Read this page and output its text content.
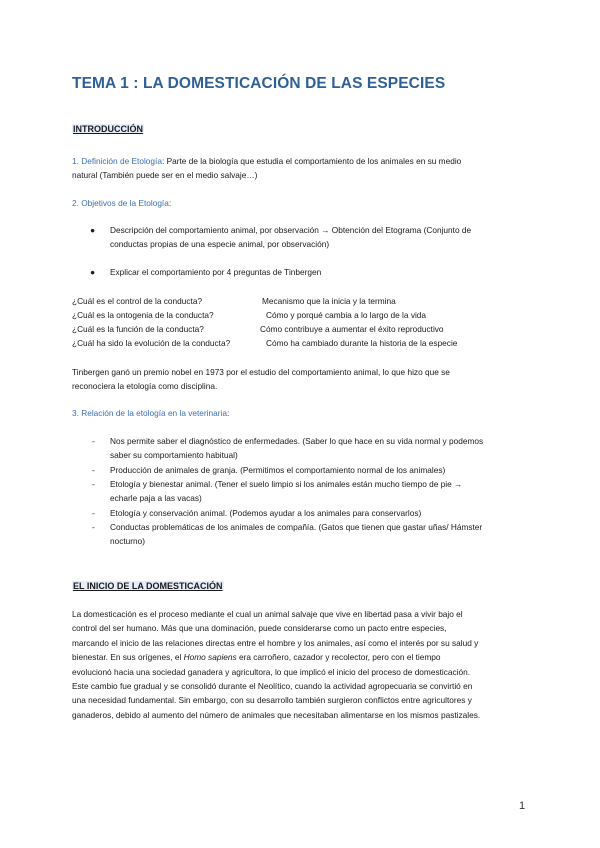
TEMA 1 : LA DOMESTICACIÓN DE LAS ESPECIES
INTRODUCCIÓN
1. Definición de Etología: Parte de la biología que estudia el comportamiento de los animales en su medio
natural (También puede ser en el medio salvaje…)
2. Objetivos de la Etología:
● Descripción del comportamiento animal, por observación → Obtención del Etograma (Conjunto de
conductas propias de una especie animal, por observación)
● Explicar el comportamiento por 4 preguntas de Tinbergen
¿Cuál es el control de la conducta?	Mecanismo que la inicia y la termina
¿Cuál es la ontogenia de la conducta?	Cómo y porqué cambia a lo largo de la vida
¿Cuál es la función de la conducta?	Cómo contribuye a aumentar el éxito reproductivo
¿Cuál ha sido la evolución de la conducta?	Cómo ha cambiado durante la historia de la especie
Tinbergen ganó un premio nobel en 1973 por el estudio del comportamiento animal, lo que hizo que se
reconociera la etología como disciplina.
3. Relación de la etología en la veterinaria:
- Nos permite saber el diagnóstico de enfermedades. (Saber lo que hace en su vida normal y podemos
saber su comportamiento habitual)
- Producción de animales de granja. (Permitimos el comportamiento normal de los animales)
- Etología y bienestar animal. (Tener el suelo limpio si los animales están mucho tiempo de pie →
echarle paja a las vacas)
- Etología y conservación animal. (Podemos ayudar a los animales para conservarlos)
- Conductas problemáticas de los animales de compañía. (Gatos que tienen que gastar uñas/ Hámster
nocturno)
EL INICIO DE LA DOMESTICACIÓN
La domesticación es el proceso mediante el cual un animal salvaje que vive en libertad pasa a vivir bajo el
control del ser humano. Más que una dominación, puede considerarse como un pacto entre especies,
marcando el inicio de las relaciones directas entre el hombre y los animales, así como el interés por su salud y
bienestar. En sus orígenes, el Homo sapiens era carroñero, cazador y recolector, pero con el tiempo
evolucionó hacia una sociedad ganadera y agricultora, lo que implicó el inicio del proceso de domesticación.
Este cambio fue gradual y se consolidó durante el Neolítico, cuando la actividad agropecuaria se convirtió en
una necesidad fundamental. Sin embargo, con su desarrollo también surgieron conflictos entre agricultores y
ganaderos, debido al aumento del número de animales que necesitaban alimentarse en los mismos pastizales.
1
